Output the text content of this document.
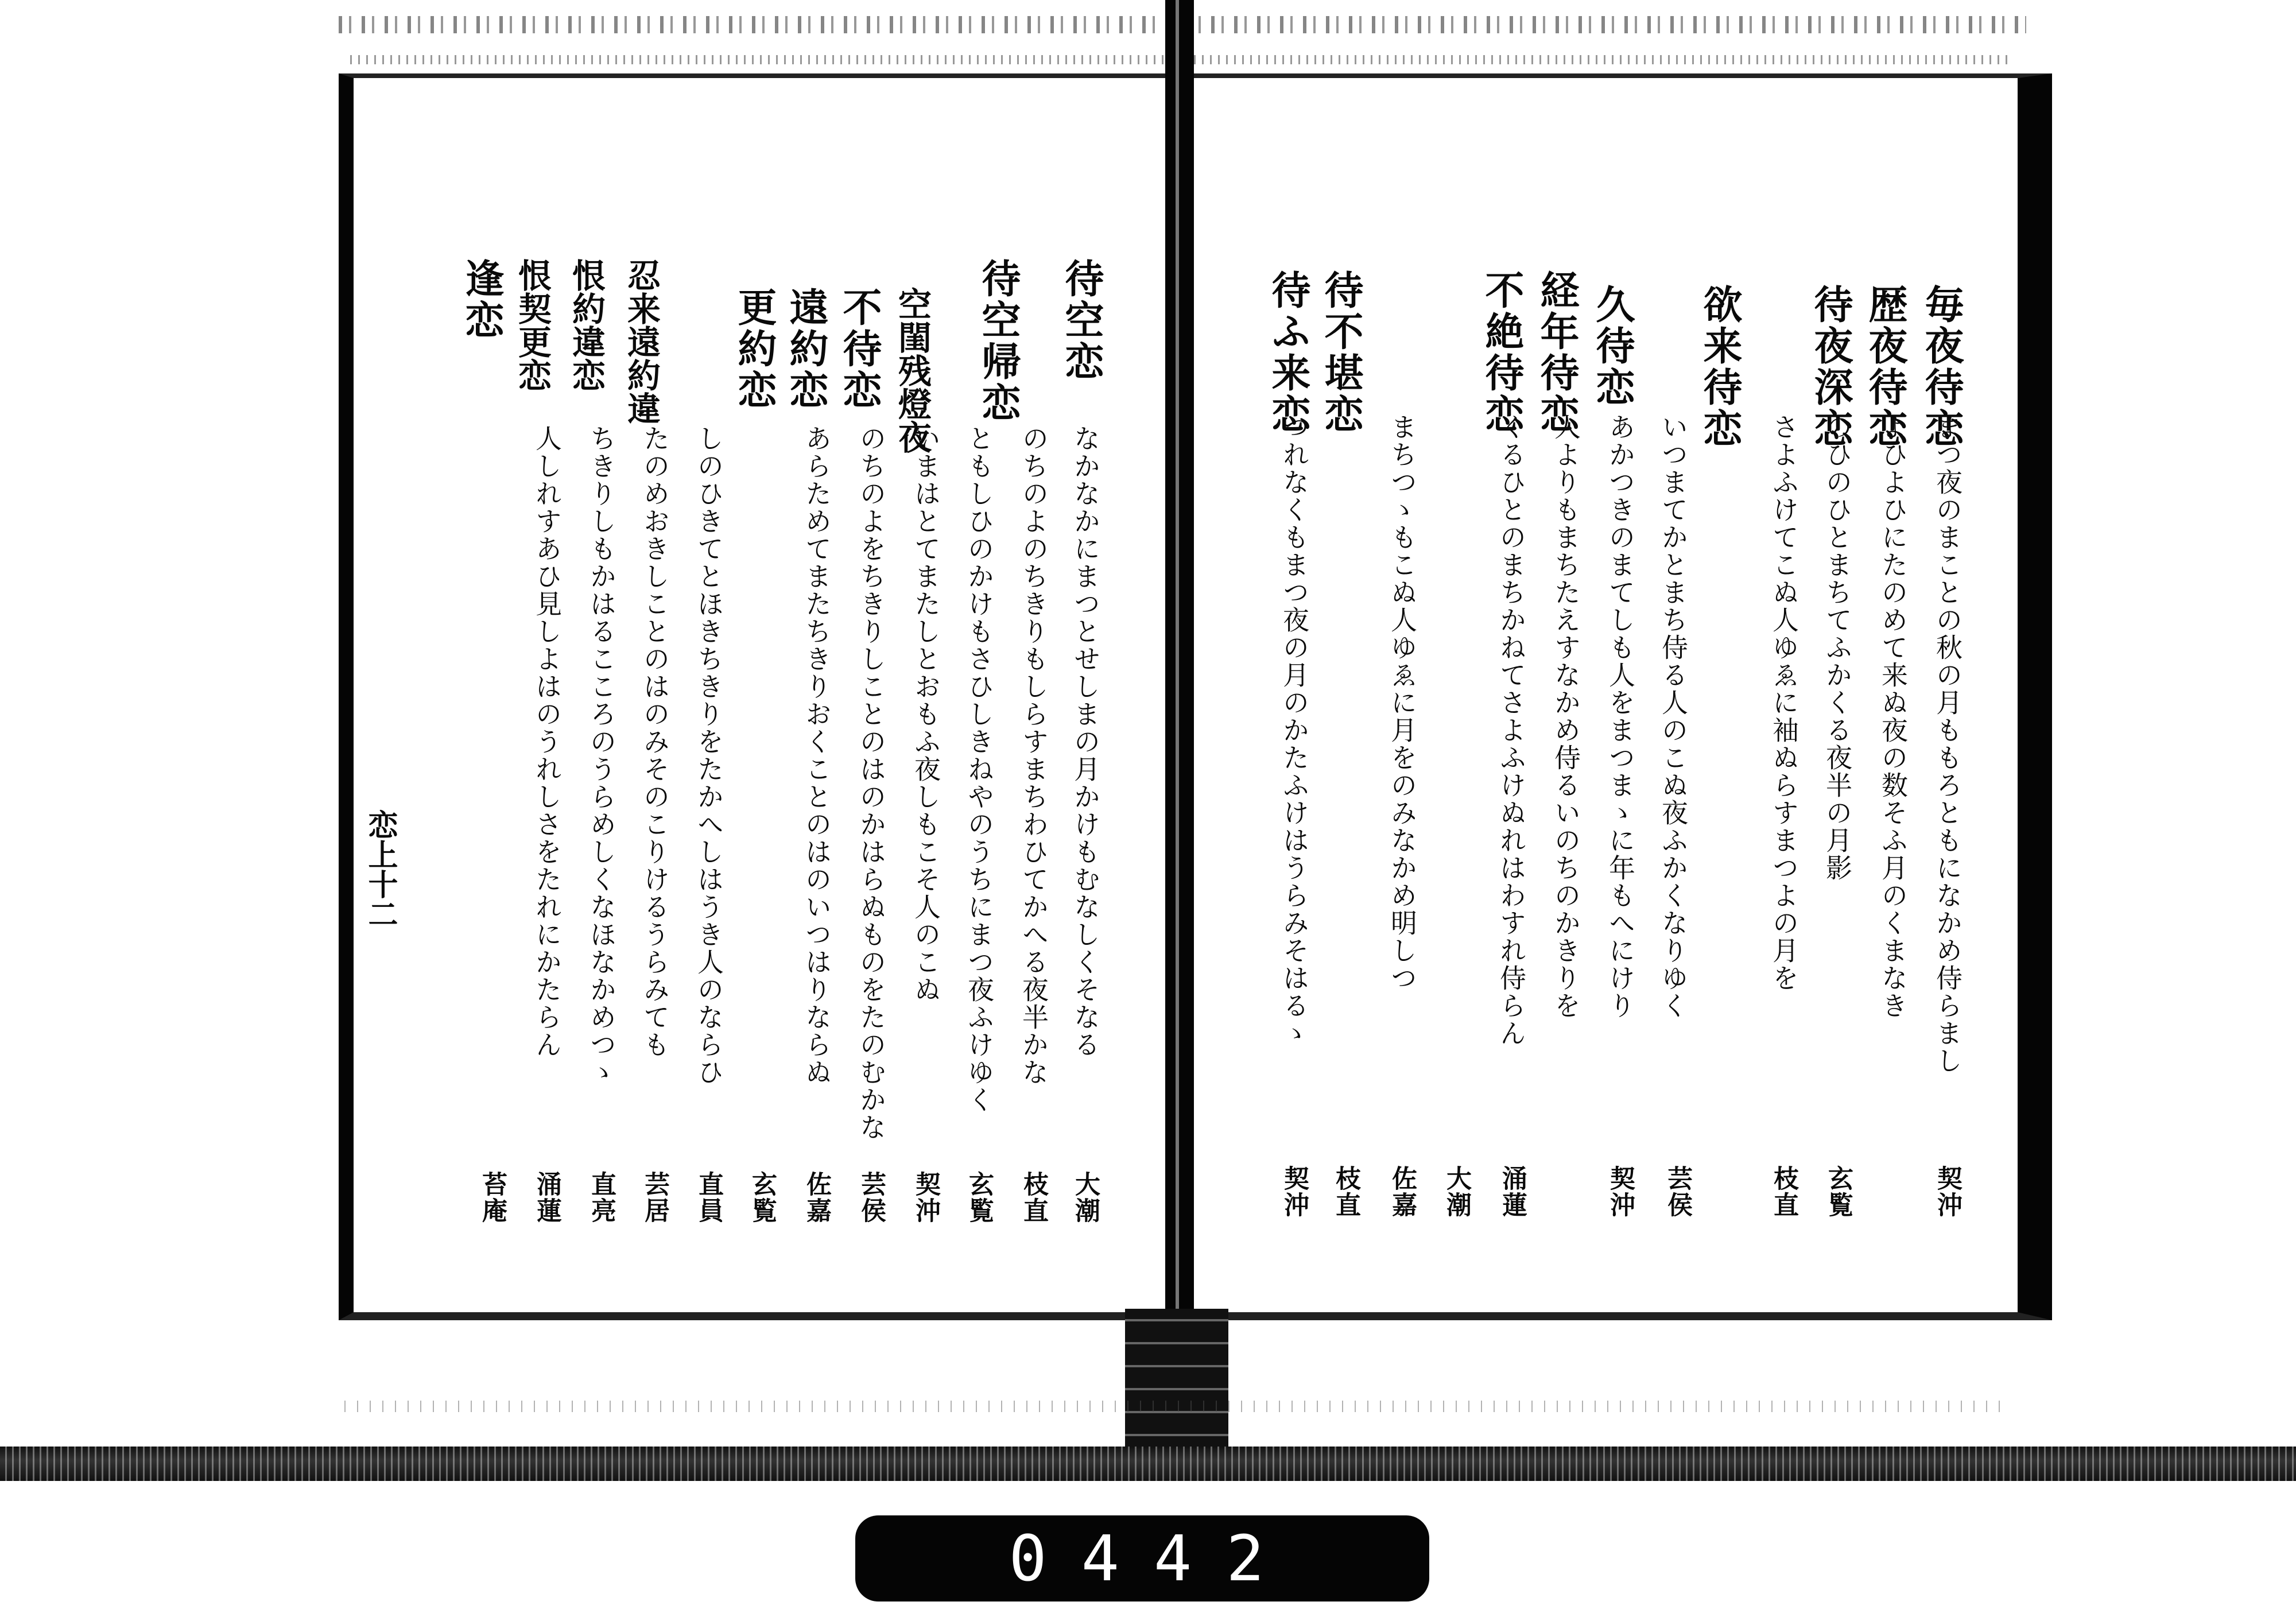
毎夜待恋
歴夜待恋
待夜深恋
欲来待恋
久待恋
経年待恋
不絶待恋
待不堪恋
待ふ来恋
まつ夜のまことの秋の月ももろともになかめ侍らまし
よひよひにたのめて来ぬ夜の数そふ月のくまなき
のひのひとまちてふかくる夜半の月影
さよふけてこぬ人ゆゑに袖ぬらすまつよの月を
いつまてかとまち侍る人のこぬ夜ふかくなりゆく
あかつきのまてしも人をまつまゝに年もへにけり
人よりもまちたえすなかめ侍るいのちのかきりを
くるひとのまちかねてさよふけぬれはわすれ侍らん
まちつゝもこぬ人ゆゑに月をのみなかめ明しつ
つれなくもまつ夜の月のかたふけはうらみそはるゝ
契沖
玄覧
枝直
芸侯
契沖
涌蓮
大潮
佐嘉
枝直
契沖
待空恋
待空帰恋
空閨残燈夜
不待恋
遠約恋
更約恋
忍来遠約違
恨約違恋
恨契更恋
逢恋
なかなかにまつとせしまの月かけもむなしくそなる
のちのよのちきりもしらすまちわひてかへる夜半かな
ともしひのかけもさひしきねやのうちにまつ夜ふけゆく
いまはとてまたしとおもふ夜しもこそ人のこぬ
のちのよをちきりしことのはのかはらぬものをたのむかな
あらためてまたちきりおくことのはのいつはりならぬ
しのひきてとほきちきりをたかへしはうき人のならひ
たのめおきしことのはのみそのこりけるうらみても
ちきりしもかはるこころのうらめしくなほなかめつゝ
人しれすあひ見しよはのうれしさをたれにかたらん
大潮
枝直
玄覧
契沖
芸侯
佐嘉
玄覧
直員
芸居
直亮
涌蓮
苔庵
恋上十二
0442
